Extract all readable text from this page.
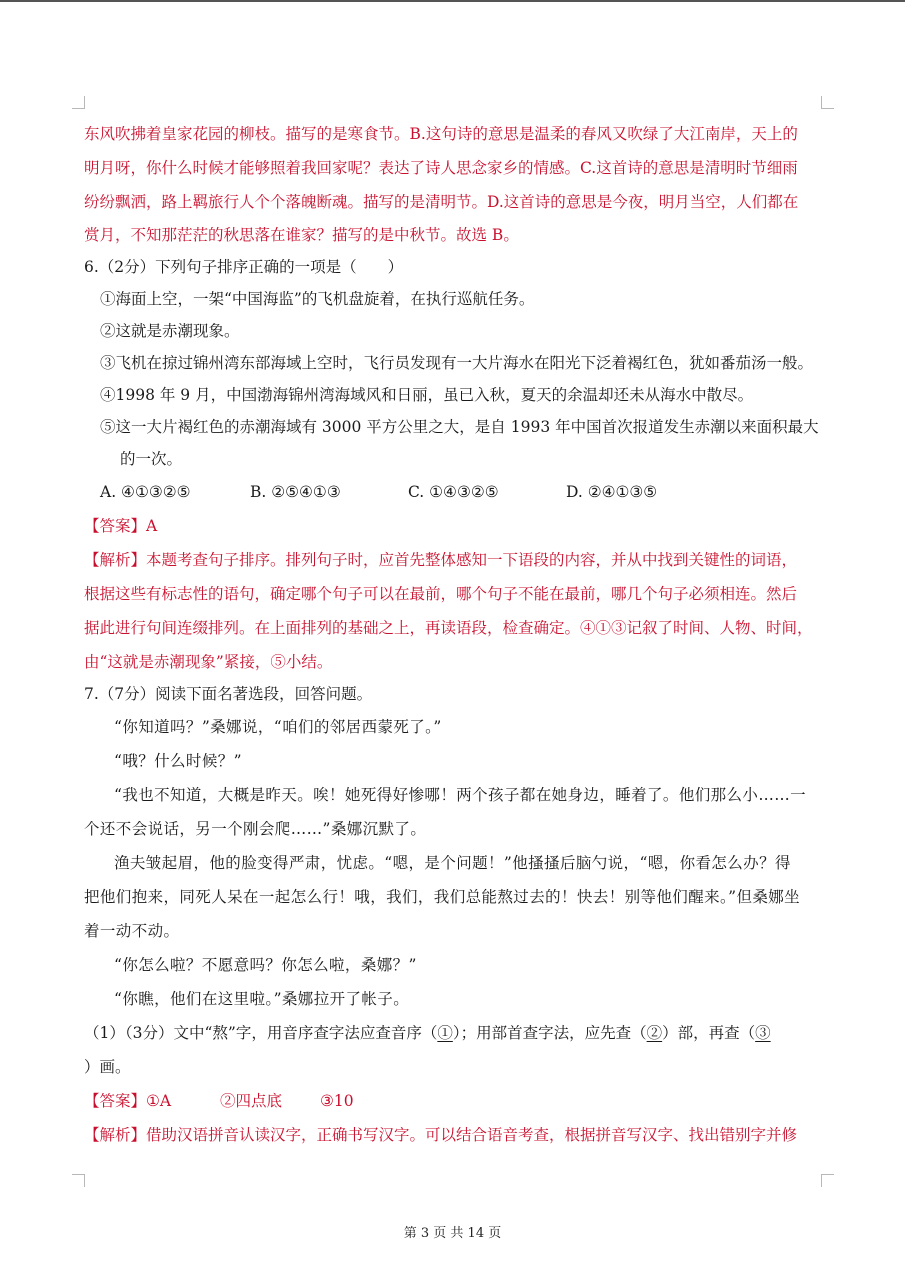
东风吹拂着皇家花园的柳枝。描写的是寒食节。B.这句诗的意思是温柔的春风又吹绿了大江南岸，天上的
明月呀，你什么时候才能够照着我回家呢？表达了诗人思念家乡的情感。C.这首诗的意思是清明时节细雨
纷纷飘洒，路上羁旅行人个个落魄断魂。描写的是清明节。D.这首诗的意思是今夜，明月当空，人们都在
赏月，不知那茫茫的秋思落在谁家？描写的是中秋节。故选 B。
6.（2分）下列句子排序正确的一项是（　　）
①海面上空，一架“中国海监”的飞机盘旋着，在执行巡航任务。
②这就是赤潮现象。
③飞机在掠过锦州湾东部海域上空时，飞行员发现有一大片海水在阳光下泛着褐红色，犹如番茄汤一般。
④1998 年 9 月，中国渤海锦州湾海域风和日丽，虽已入秋，夏天的余温却还未从海水中散尽。
⑤这一大片褐红色的赤潮海域有 3000 平方公里之大，是自 1993 年中国首次报道发生赤潮以来面积最大
的一次。
A. ④①③②⑤	B. ②⑤④①③	C. ①④③②⑤	D. ②④①③⑤
【答案】A
【解析】本题考查句子排序。排列句子时，应首先整体感知一下语段的内容，并从中找到关键性的词语，
根据这些有标志性的语句，确定哪个句子可以在最前，哪个句子不能在最前，哪几个句子必须相连。然后
据此进行句间连缀排列。在上面排列的基础之上，再读语段，检查确定。④①③记叙了时间、人物、时间，
由“这就是赤潮现象”紧接，⑤小结。
7.（7分）阅读下面名著选段，回答问题。
“你知道吗？”桑娜说，“咱们的邻居西蒙死了。”
“哦？什么时候？”
“我也不知道，大概是昨天。唉！她死得好惨哪！两个孩子都在她身边，睡着了。他们那么小……一
个还不会说话，另一个刚会爬……”桑娜沉默了。
渔夫皱起眉，他的脸变得严肃，忧虑。“嗯，是个问题！”他搔搔后脑勺说，“嗯，你看怎么办？得
把他们抱来，同死人呆在一起怎么行！哦，我们，我们总能熬过去的！快去！别等他们醒来。”但桑娜坐
着一动不动。
“你怎么啦？不愿意吗？你怎么啦，桑娜？”
“你瞧，他们在这里啦。”桑娜拉开了帐子。
（1）（3分）文中“熬”字，用音序查字法应查音序（①）；用部首查字法，应先查（②）部，再查（③
）画。
【答案】①A	②四点底 ③10
【解析】借助汉语拼音认读汉字，正确书写汉字。可以结合语音考查，根据拼音写汉字、找出错别字并修
第 3 页 共 14 页
